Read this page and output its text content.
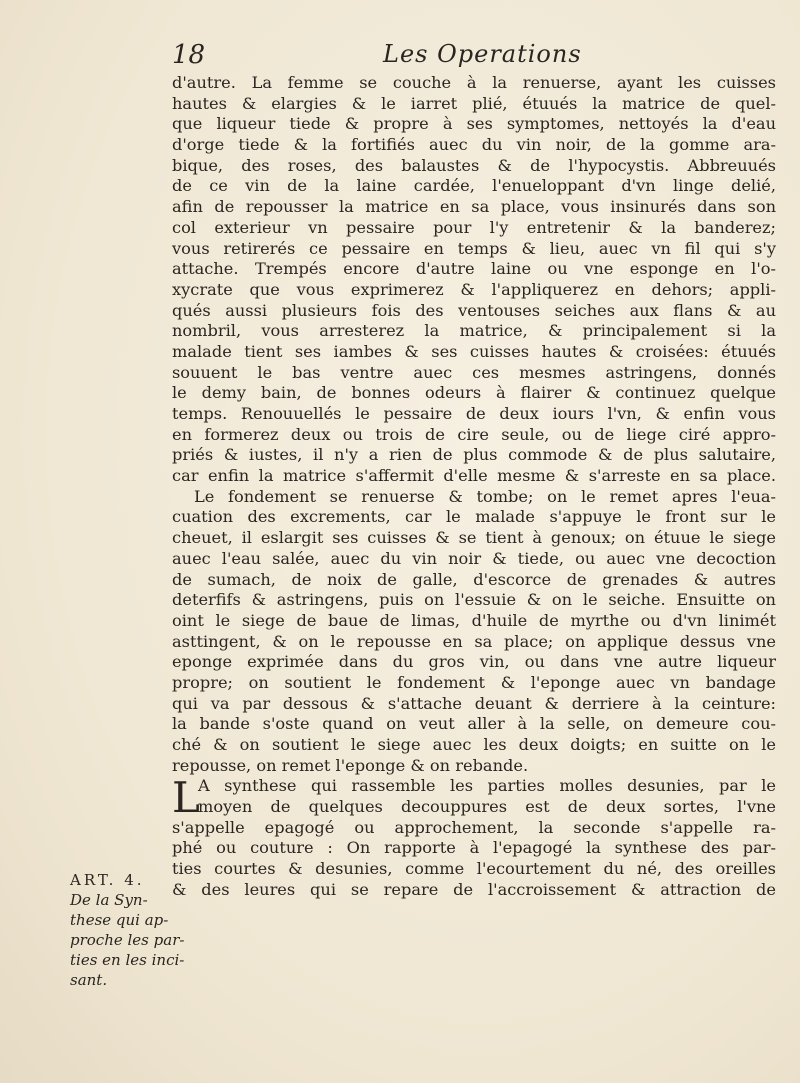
18	Les Operations
d'autre. La femme se couche à la renuerse, ayant les cuisses
hautes & elargies & le iarret plié, étuués la matrice de quel-
que liqueur tiede & propre à ses symptomes, nettoyés la d'eau
d'orge tiede & la fortifiés auec du vin noir, de la gomme ara-
bique, des roses, des balaustes & de l'hypocystis. Abbreuués
de ce vin de la laine cardée, l'enueloppant d'vn linge delié,
afin de repousser la matrice en sa place, vous insinurés dans son
col exterieur vn pessaire pour l'y entretenir & la banderez;
vous retirerés ce pessaire en temps & lieu, auec vn fil qui s'y
attache. Trempés encore d'autre laine ou vne esponge en l'o-
xycrate que vous exprimerez & l'appliquerez en dehors; appli-
qués aussi plusieurs fois des ventouses seiches aux flans & au
nombril, vous arresterez la matrice, & principalement si la
malade tient ses iambes & ses cuisses hautes & croisées: étuués
souuent le bas ventre auec ces mesmes astringens, donnés
le demy bain, de bonnes odeurs à flairer & continuez quelque
temps. Renouuellés le pessaire de deux iours l'vn, & enfin vous
en formerez deux ou trois de cire seule, ou de liege ciré appro-
priés & iustes, il n'y a rien de plus commode & de plus salutaire,
car enfin la matrice s'affermit d'elle mesme & s'arreste en sa place.
Le fondement se renuerse & tombe; on le remet apres l'eua-
cuation des excrements, car le malade s'appuye le front sur le
cheuet, il eslargit ses cuisses & se tient à genoux; on étuue le siege
auec l'eau salée, auec du vin noir & tiede, ou auec vne decoction
de sumach, de noix de galle, d'escorce de grenades & autres
deterfifs & astringens, puis on l'essuie & on le seiche. Ensuitte on
oint le siege de baue de limas, d'huile de myrthe ou d'vn linimét
asttingent, & on le repousse en sa place; on applique dessus vne
eponge exprimée dans du gros vin, ou dans vne autre liqueur
propre; on soutient le fondement & l'eponge auec vn bandage
qui va par dessous & s'attache deuant & derriere à la ceinture:
la bande s'oste quand on veut aller à la selle, on demeure cou-
ché & on soutient le siege auec les deux doigts; en suitte on le
repousse, on remet l'eponge & on rebande.
L
A synthese qui rassemble les parties molles desunies, par le
moyen de quelques decouppures est de deux sortes, l'vne
s'appelle epagogé ou approchement, la seconde s'appelle ra-
phé ou couture : On rapporte à l'epagogé la synthese des par-
ties courtes & desunies, comme l'ecourtement du né, des oreilles
& des leures qui se repare de l'accroissement & attraction de
ART. 4.
De la Syn-
these qui ap-
proche les par-
ties en les inci-
sant.
